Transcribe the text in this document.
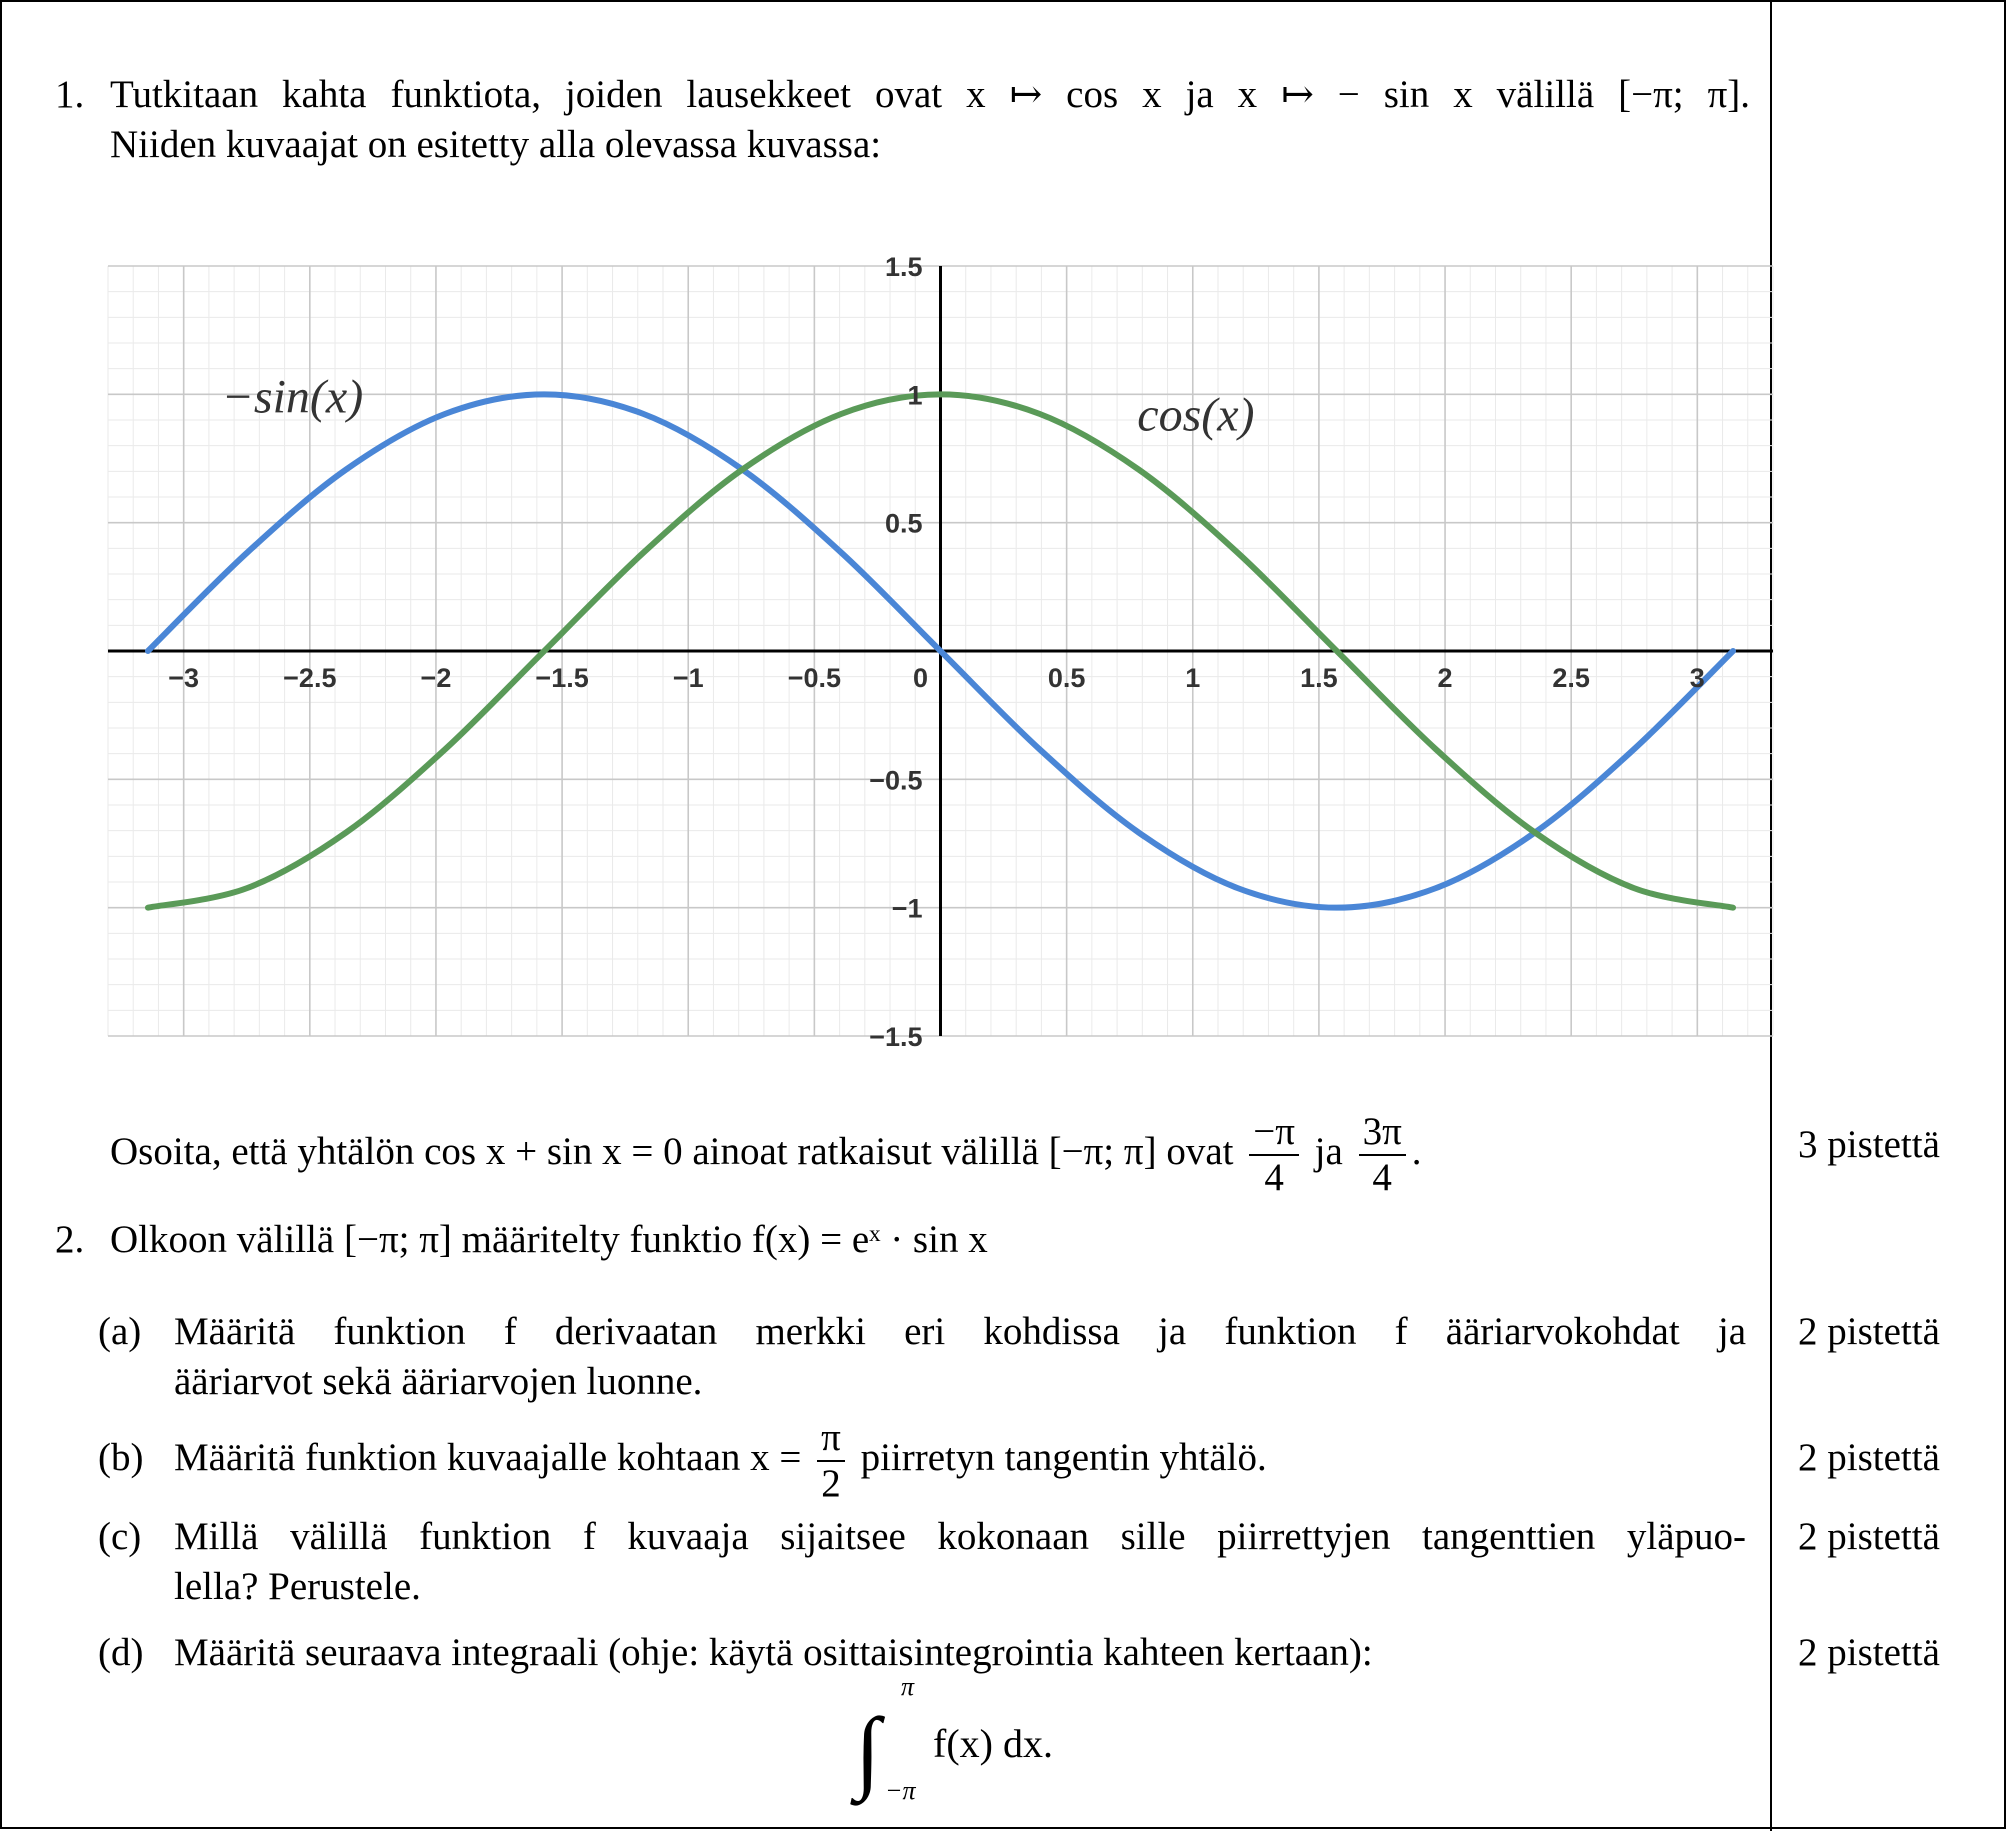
1. Tutkitaan kahta funktiota, joiden lausekkeet ovat x ↦ cos x ja x ↦ − sin x välillä [−π; π].
Niiden kuvaajat on esitetty alla olevassa kuvassa:
−3	−2.5	−2	−1.5	−1	−0.5	0	0.5	1	1.5	2	2.5	3
1.5
1
0.5
−0.5
−1
−1.5
−sin(x)	cos(x)
Osoita, että yhtälön cos x + sin x = 0 ainoat ratkaisut välillä [−π; π] ovat $\frac{-\pi}{4}$ ja $\frac{3\pi}{4}$ .	3 pistettä
2. Olkoon välillä [−π; π] määritelty funktio f(x) = eˣ · sin x
(a) Määritä funktion f derivaatan merkki eri kohdissa ja funktion f ääriarvokohdat ja
ääriarvot sekä ääriarvojen luonne.
2 pistettä
(b) Määritä funktion kuvaajalle kohtaan $x = \frac{\pi}{2}$ piirretyn tangentin yhtälö.	2 pistettä
(c) Millä välillä funktion f kuvaaja sijaitsee kokonaan sille piirrettyjen tangenttien yläpuo-
lella? Perustele.
2 pistettä
(d) Määritä seuraava integraali (ohje: käytä osittaisintegrointia kahteen kertaan):	2 pistettä
∫
π
−π
f(x) dx.
